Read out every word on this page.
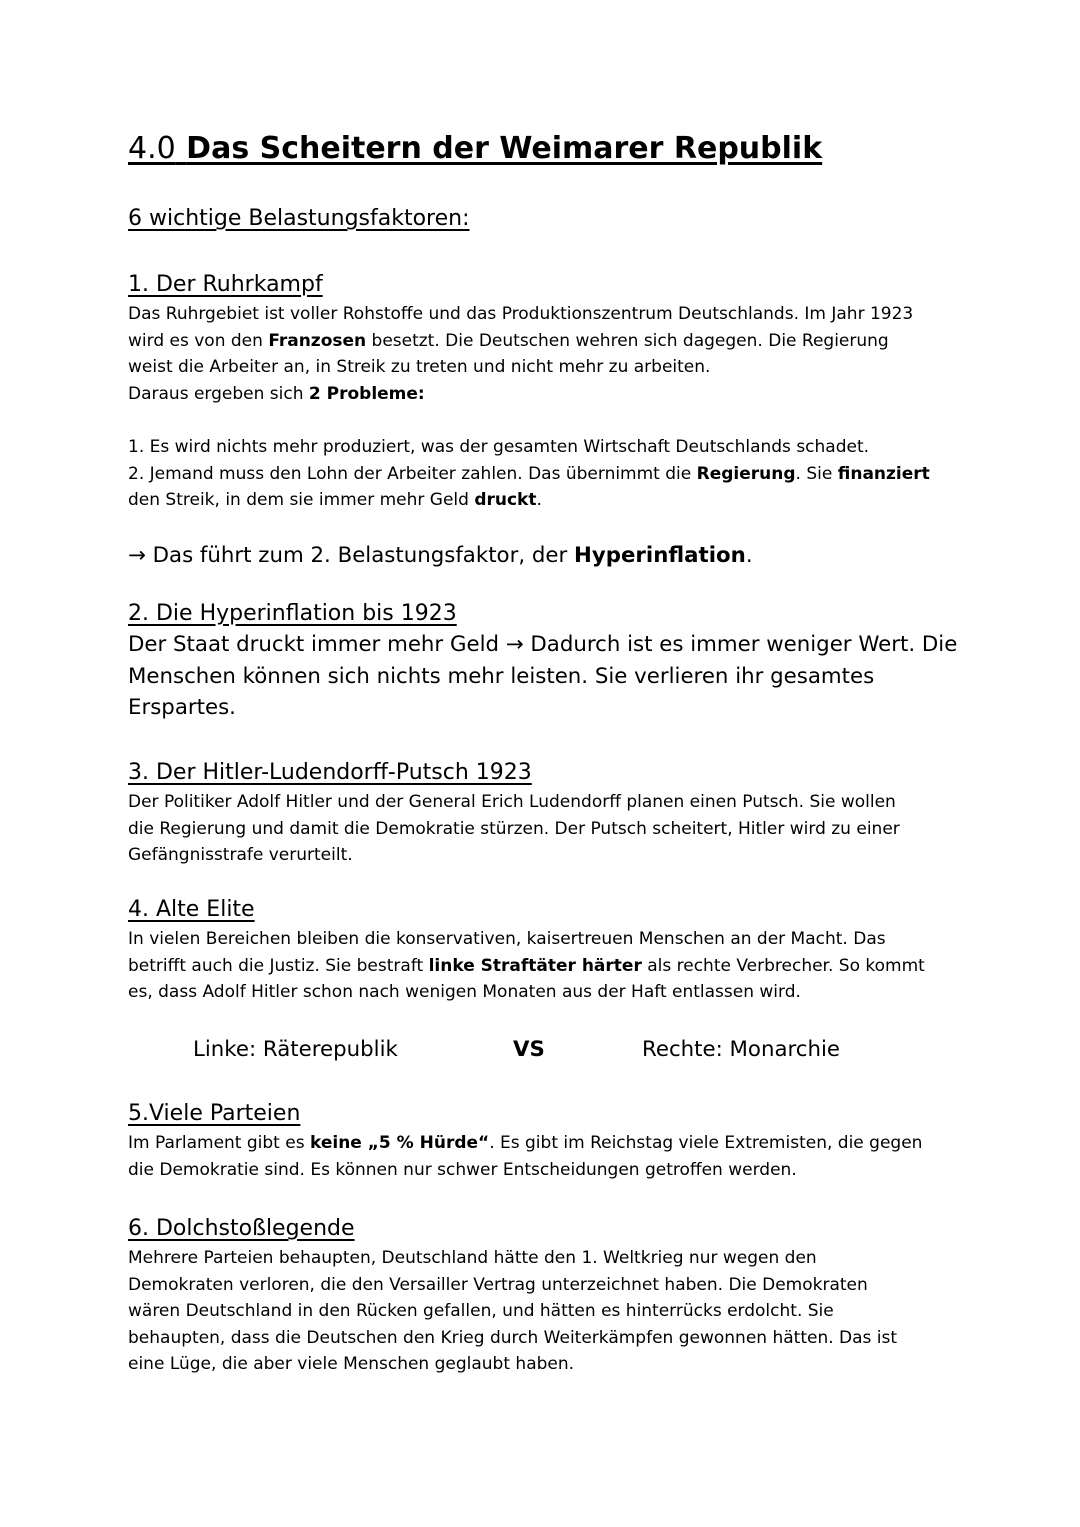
4.0 Das Scheitern der Weimarer Republik
6 wichtige Belastungsfaktoren:
1. Der Ruhrkampf
Das Ruhrgebiet ist voller Rohstoffe und das Produktionszentrum Deutschlands. Im Jahr 1923
wird es von den Franzosen besetzt. Die Deutschen wehren sich dagegen. Die Regierung
weist die Arbeiter an, in Streik zu treten und nicht mehr zu arbeiten.
Daraus ergeben sich 2 Probleme:
1. Es wird nichts mehr produziert, was der gesamten Wirtschaft Deutschlands schadet.
2. Jemand muss den Lohn der Arbeiter zahlen. Das übernimmt die Regierung. Sie finanziert
den Streik, in dem sie immer mehr Geld druckt.
→ Das führt zum 2. Belastungsfaktor, der Hyperinflation.
2. Die Hyperinflation bis 1923
Der Staat druckt immer mehr Geld → Dadurch ist es immer weniger Wert. Die
Menschen können sich nichts mehr leisten. Sie verlieren ihr gesamtes
Erspartes.
3. Der Hitler-Ludendorff-Putsch 1923
Der Politiker Adolf Hitler und der General Erich Ludendorff planen einen Putsch. Sie wollen
die Regierung und damit die Demokratie stürzen. Der Putsch scheitert, Hitler wird zu einer
Gefängnisstrafe verurteilt.
4. Alte Elite
In vielen Bereichen bleiben die konservativen, kaisertreuen Menschen an der Macht. Das
betrifft auch die Justiz. Sie bestraft linke Straftäter härter als rechte Verbrecher. So kommt
es, dass Adolf Hitler schon nach wenigen Monaten aus der Haft entlassen wird.
Linke: Räterepublik	VS	Rechte: Monarchie
5.Viele Parteien
Im Parlament gibt es keine „5 % Hürde“. Es gibt im Reichstag viele Extremisten, die gegen
die Demokratie sind. Es können nur schwer Entscheidungen getroffen werden.
6. Dolchstoßlegende
Mehrere Parteien behaupten, Deutschland hätte den 1. Weltkrieg nur wegen den
Demokraten verloren, die den Versailler Vertrag unterzeichnet haben. Die Demokraten
wären Deutschland in den Rücken gefallen, und hätten es hinterrücks erdolcht. Sie
behaupten, dass die Deutschen den Krieg durch Weiterkämpfen gewonnen hätten. Das ist
eine Lüge, die aber viele Menschen geglaubt haben.
